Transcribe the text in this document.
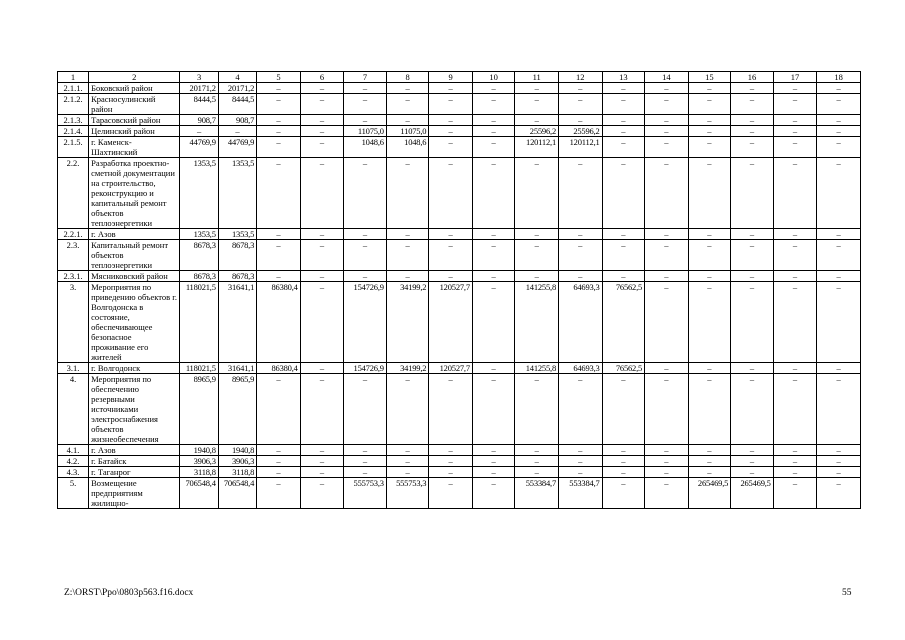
1	2	3	4	5	6	7	8	9	10	11	12	13	14	15	16	17	18
2.1.1.	Боковский район	20171,2	20171,2	–	–	–	–	–	–	–	–	–	–	–	–	–	–
2.1.2.	Красносулинский район	8444,5	8444,5	–	–	–	–	–	–	–	–	–	–	–	–	–	–
2.1.3.	Тарасовский район	908,7	908,7	–	–	–	–	–	–	–	–	–	–	–	–	–	–
2.1.4.	Целинский район	–	–	–	–	11075,0	11075,0	–	–	25596,2	25596,2	–	–	–	–	–	–
2.1.5.	г. Каменск-Шахтинский	44769,9	44769,9	–	–	1048,6	1048,6	–	–	120112,1	120112,1	–	–	–	–	–	–
2.2.	Разработка проектно-сметной документации на строительство, реконструкцию и капитальный ремонт объектов теплоэнергетики	1353,5	1353,5	–	–	–	–	–	–	–	–	–	–	–	–	–	–
2.2.1.	г. Азов	1353,5	1353,5	–	–	–	–	–	–	–	–	–	–	–	–	–	–
2.3.	Капитальный ремонт объектов теплоэнергетики	8678,3	8678,3	–	–	–	–	–	–	–	–	–	–	–	–	–	–
2.3.1.	Мясниковский район	8678,3	8678,3	–	–	–	–	–	–	–	–	–	–	–	–	–	–
3.	Мероприятия по приведению объектов г. Волгодонска в состояние, обеспечивающее безопасное проживание его жителей	118021,5	31641,1	86380,4	–	154726,9	34199,2	120527,7	–	141255,8	64693,3	76562,5	–	–	–	–	–
3.1.	г. Волгодонск	118021,5	31641,1	86380,4	–	154726,9	34199,2	120527,7	–	141255,8	64693,3	76562,5	–	–	–	–	–
4.	Мероприятия по обеспечению резервными источниками электроснабжения объектов жизнеобеспечения	8965,9	8965,9	–	–	–	–	–	–	–	–	–	–	–	–	–	–
4.1.	г. Азов	1940,8	1940,8	–	–	–	–	–	–	–	–	–	–	–	–	–	–
4.2.	г. Батайск	3906,3	3906,3	–	–	–	–	–	–	–	–	–	–	–	–	–	–
4.3.	г. Таганрог	3118,8	3118,8	–	–	–	–	–	–	–	–	–	–	–	–	–	–
5.	Возмещение предприятиям жилищно-	706548,4	706548,4	–	–	555753,3	555753,3	–	–	553384,7	553384,7	–	–	265469,5	265469,5	–	–
Z:\ORST\Ppo\0803p563.f16.docx	55
